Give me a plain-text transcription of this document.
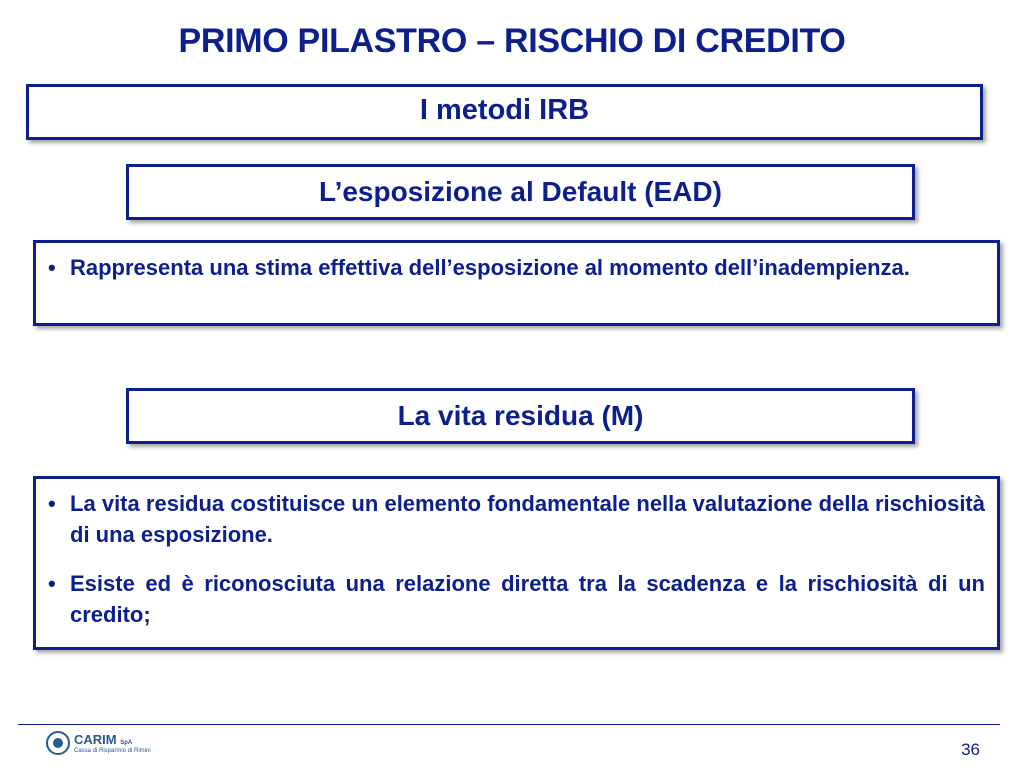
PRIMO PILASTRO – RISCHIO DI CREDITO
I metodi IRB
L’esposizione al Default (EAD)
• Rappresenta una stima effettiva dell’esposizione al momento dell’inadempienza.
La vita residua (M)
• La vita residua costituisce un elemento fondamentale nella valutazione della rischiosità di una esposizione.
• Esiste ed è riconosciuta una relazione diretta tra la scadenza e la rischiosità di un credito;
CARIM SpA
Cassa di Risparmio di Rimini	36
